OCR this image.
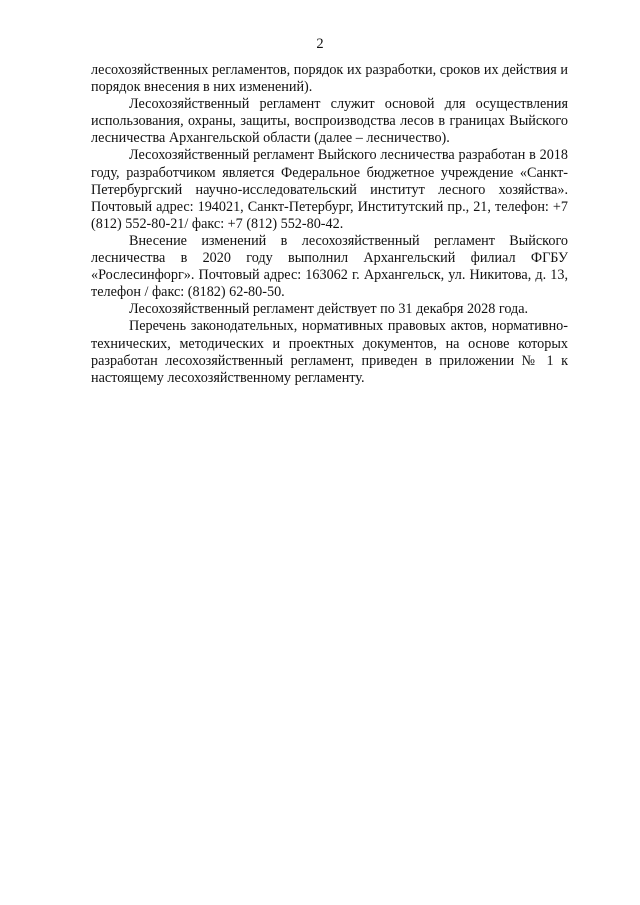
2

лесохозяйственных регламентов, порядок их разработки, сроков их действия и порядок внесения в них изменений).

Лесохозяйственный регламент служит основой для осуществления использования, охраны, защиты, воспроизводства лесов в границах Выйского лесничества Архангельской области (далее – лесничество).

Лесохозяйственный регламент Выйского лесничества разработан в 2018 году, разработчиком является Федеральное бюджетное учреждение «Санкт-Петербургский научно-исследовательский институт лесного хозяйства». Почтовый адрес: 194021, Санкт-Петербург, Институтский пр., 21, телефон: +7 (812) 552-80-21/ факс: +7 (812) 552-80-42.

Внесение изменений в лесохозяйственный регламент Выйского лесничества в 2020 году выполнил Архангельский филиал ФГБУ «Рослесинфорг». Почтовый адрес: 163062 г. Архангельск, ул. Никитова, д. 13, телефон / факс: (8182) 62-80-50.

Лесохозяйственный регламент действует по 31 декабря 2028 года.

Перечень законодательных, нормативных правовых актов, нормативно-технических, методических и проектных документов, на основе которых разработан лесохозяйственный регламент, приведен в приложении № 1 к настоящему лесохозяйственному регламенту.
